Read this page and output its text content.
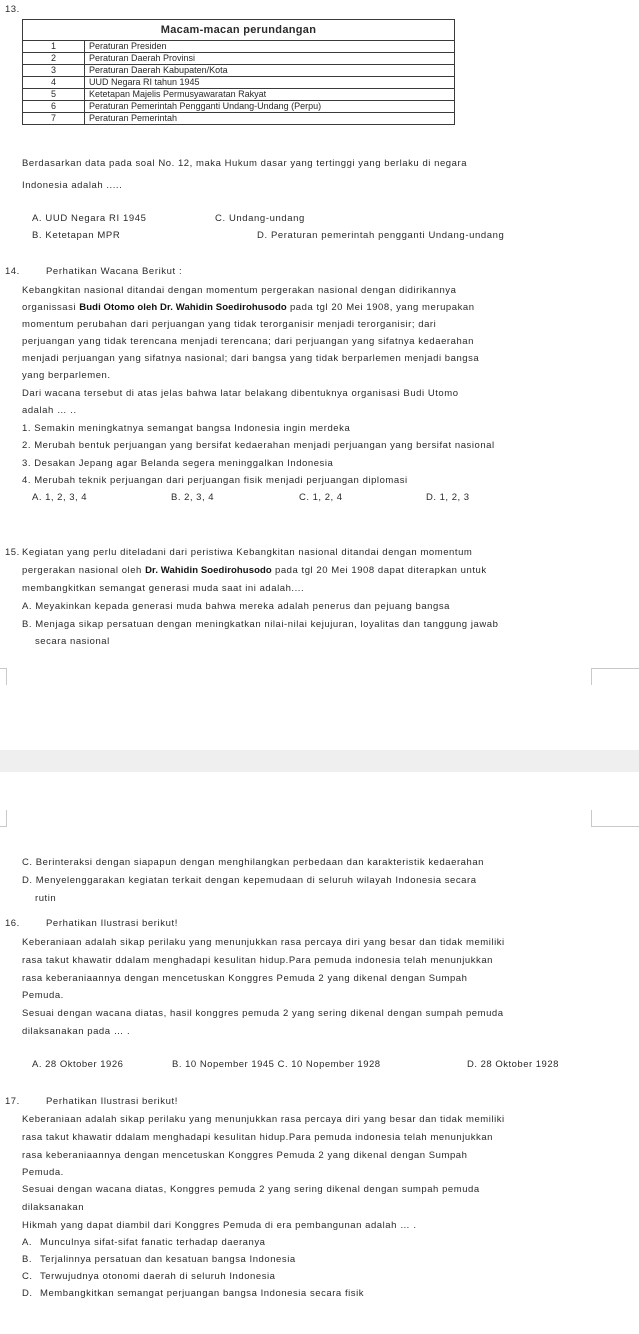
13.
Macam-macan perundangan	
1	Peraturan Presiden
2	Peraturan Daerah Provinsi
3	Peraturan Daerah Kabupaten/Kota
4	UUD Negara RI tahun 1945
5	Ketetapan Majelis Permusyawaratan Rakyat
6	Peraturan Pemerintah Pengganti Undang-Undang (Perpu)
7	Peraturan Pemerintah
Berdasarkan data pada soal No. 12, maka Hukum dasar yang tertinggi yang berlaku di negara
Indonesia adalah .....
A. UUD Negara RI 1945	C. Undang-undang
B. Ketetapan MPR	D. Peraturan pemerintah pengganti Undang-undang
14.	Perhatikan Wacana Berikut :
Kebangkitan nasional ditandai dengan momentum pergerakan nasional dengan didirikannya
organissasi Budi Otomo oleh Dr. Wahidin Soedirohusodo pada tgl 20 Mei 1908, yang merupakan
momentum perubahan dari perjuangan yang tidak terorganisir menjadi terorganisir; dari
perjuangan yang tidak terencana menjadi terencana; dari perjuangan yang sifatnya kedaerahan
menjadi perjuangan yang sifatnya nasional; dari bangsa yang tidak berparlemen menjadi bangsa
yang berparlemen.
Dari wacana tersebut di atas jelas bahwa latar belakang dibentuknya organisasi Budi Utomo
adalah … ..
1. Semakin meningkatnya semangat bangsa Indonesia ingin merdeka
2. Merubah bentuk perjuangan yang bersifat kedaerahan menjadi perjuangan yang bersifat nasional
3. Desakan Jepang agar Belanda segera meninggalkan Indonesia
4. Merubah teknik perjuangan dari perjuangan fisik menjadi perjuangan diplomasi
A. 1, 2, 3, 4	B. 2, 3, 4	C. 1, 2, 4	D. 1, 2, 3
15. Kegiatan yang perlu diteladani dari peristiwa Kebangkitan nasional ditandai dengan momentum
pergerakan nasional oleh Dr. Wahidin Soedirohusodo pada tgl 20 Mei 1908 dapat diterapkan untuk
membangkitkan semangat generasi muda saat ini adalah....
A. Meyakinkan kepada generasi muda bahwa mereka adalah penerus dan pejuang bangsa
B. Menjaga sikap persatuan dengan meningkatkan nilai-nilai kejujuran, loyalitas dan tanggung jawab
secara nasional
C. Berinteraksi dengan siapapun dengan menghilangkan perbedaan dan karakteristik kedaerahan
D. Menyelenggarakan kegiatan terkait dengan kepemudaan di seluruh wilayah Indonesia secara
rutin
16.	Perhatikan Ilustrasi berikut!
Keberaniaan adalah sikap perilaku yang menunjukkan rasa percaya diri yang besar dan tidak memiliki
rasa takut khawatir ddalam menghadapi kesulitan hidup.Para pemuda indonesia telah menunjukkan
rasa keberaniaannya dengan mencetuskan Konggres Pemuda 2 yang dikenal dengan Sumpah
Pemuda.
Sesuai dengan wacana diatas, hasil konggres pemuda 2 yang sering dikenal dengan sumpah pemuda
dilaksanakan pada … .
A. 28 Oktober 1926	B. 10 Nopember 1945 C. 10 Nopember 1928	D. 28 Oktober 1928
17.	Perhatikan Ilustrasi berikut!
Keberaniaan adalah sikap perilaku yang menunjukkan rasa percaya diri yang besar dan tidak memiliki
rasa takut khawatir ddalam menghadapi kesulitan hidup.Para pemuda indonesia telah menunjukkan
rasa keberaniaannya dengan mencetuskan Konggres Pemuda 2 yang dikenal dengan Sumpah
Pemuda.
Sesuai dengan wacana diatas, Konggres pemuda 2 yang sering dikenal dengan sumpah pemuda
dilaksanakan
Hikmah yang dapat diambil dari Konggres Pemuda di era pembangunan adalah … .
A. Munculnya sifat-sifat fanatic terhadap daeranya
B. Terjalinnya persatuan dan kesatuan bangsa Indonesia
C. Terwujudnya otonomi daerah di seluruh Indonesia
D. Membangkitkan semangat perjuangan bangsa Indonesia secara fisik
